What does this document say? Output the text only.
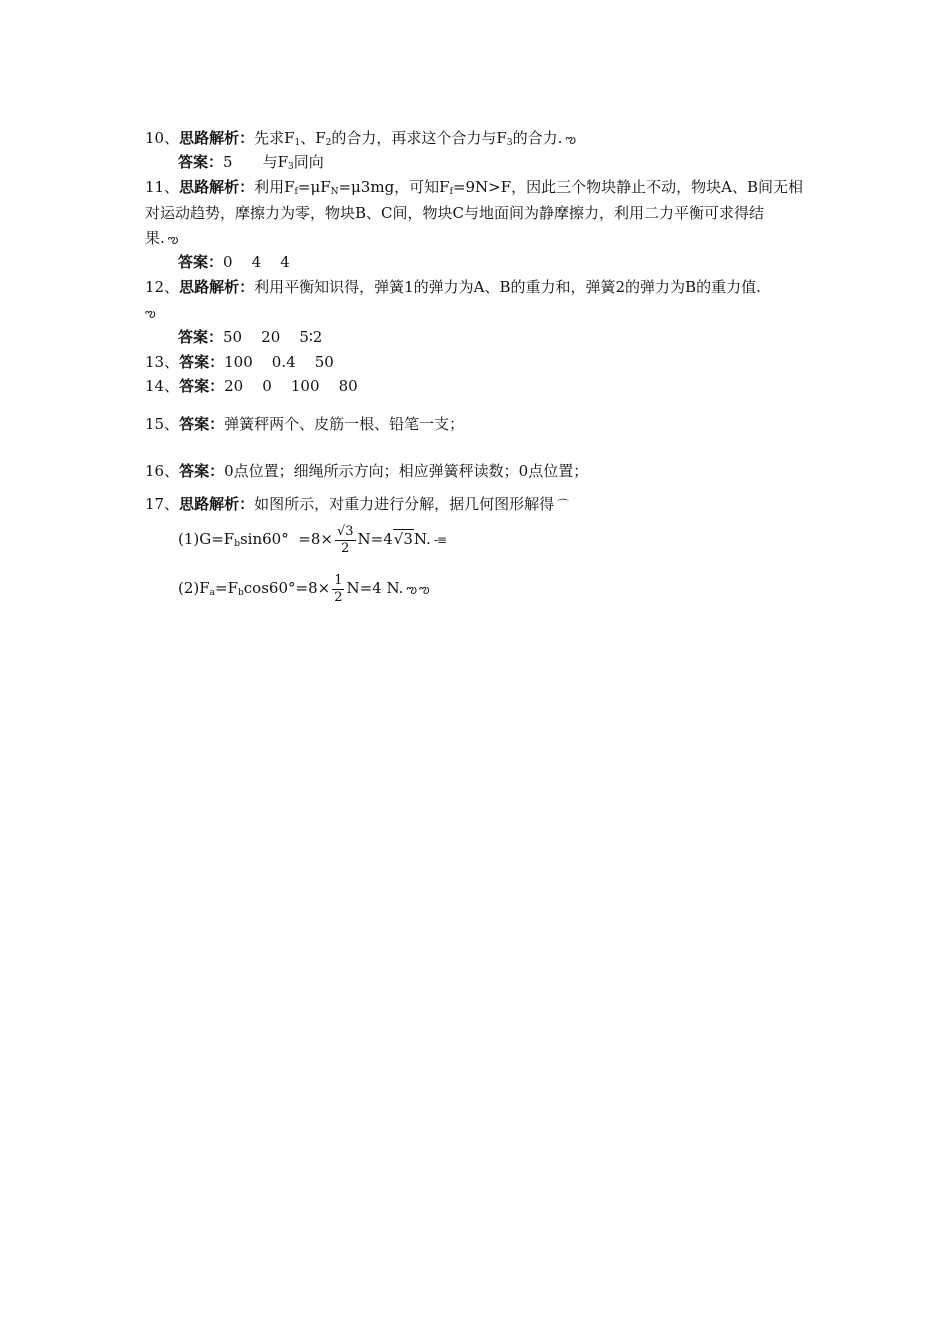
10、思路解析：先求$F_1$、$F_2$的合力，再求这个合力与$F_3$的合力. ఌ
答案：5 与$F_3$同向
11、思路解析：利用$F_f=\mu F_N=\mu 3mg$，可知$F_f=9N>F$，因此三个物块静止不动，物块A、B间无相
对运动趋势，摩擦力为零，物块B、C间，物块C与地面间为静摩擦力，利用二力平衡可求得结
果. ఌ
答案：0    4    4
12、思路解析：利用平衡知识得，弹簧1的弹力为A、B的重力和，弹簧2的弹力为B的重力值.
ఌ
答案：50    20    5∶2
13、答案：100    0.4    50
14、答案：20    0    100    80
15、答案：弹簧秤两个、皮筋一根、铅笔一支；
16、答案：0点位置；细绳所示方向；相应弹簧秤读数；0点位置；
17、思路解析：如图所示，对重力进行分解，据几何图形解得 ⌒
$(1)G=F_b\sin 60^\circ =8\times \frac{√3}{2} N=4√3N$. -≡
$(2)F_a=F_b\cos 60^\circ=8\times \frac{1}{2} N=4$ N. ఌ ఌ
